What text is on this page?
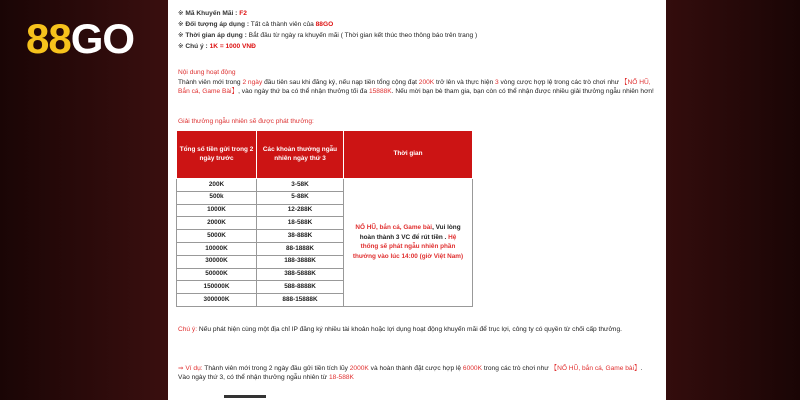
88GO
※ Mã Khuyến Mãi : F2
※ Đối tượng áp dụng : Tất cả thành viên của 88GO
※ Thời gian áp dụng : Bắt đầu từ ngày ra khuyến mãi ( Thời gian kết thúc theo thông báo trên trang )
※ Chú ý : 1K = 1000 VNĐ
Nội dung hoạt động
Thành viên mới trong 2 ngày đầu tiên sau khi đăng ký, nếu nạp tiền tổng cộng đạt 200K trở lên và thực hiện 3 vòng cược hợp lệ trong các trò chơi như 【NỔ HŨ, Bắn cá, Game Bài】, vào ngày thứ ba có thể nhận thưởng tối đa 15888K. Nếu mời bạn bè tham gia, bạn còn có thể nhận được nhiều giải thưởng ngẫu nhiên hơn!
Giải thưởng ngẫu nhiên sẽ được phát thưởng:
Tổng số tiền gửi trong 2 ngày trước	Các khoản thưởng ngẫu nhiên ngày thứ 3	Thời gian
200K	3-58K	NỔ HŨ, bắn cá, Game bài, Vui lòng hoàn thành 3 VC để rút tiền . Hệ thống sẽ phát ngẫu nhiên phần thưởng vào lúc 14:00 (giờ Việt Nam)
500k	5-88K	
1000K	12-288K	
2000K	18-588K	
5000K	38-888K	
10000K	88-1888K	
30000K	188-3888K	
50000K	388-5888K	
150000K	588-8888K	
300000K	888-15888K	
Chú ý: Nếu phát hiện cùng một địa chỉ IP đăng ký nhiều tài khoản hoặc lợi dụng hoạt động khuyến mãi để trục lợi, công ty có quyền từ chối cấp thưởng.
⇒ Ví dụ: Thành viên mới trong 2 ngày đầu gửi tiền tích lũy 2000K và hoàn thành đặt cược hợp lệ 6000K trong các trò chơi như 【NỔ HŨ, bắn cá, Game bài】. Vào ngày thứ 3, có thể nhận thưởng ngẫu nhiên từ 18-588K
